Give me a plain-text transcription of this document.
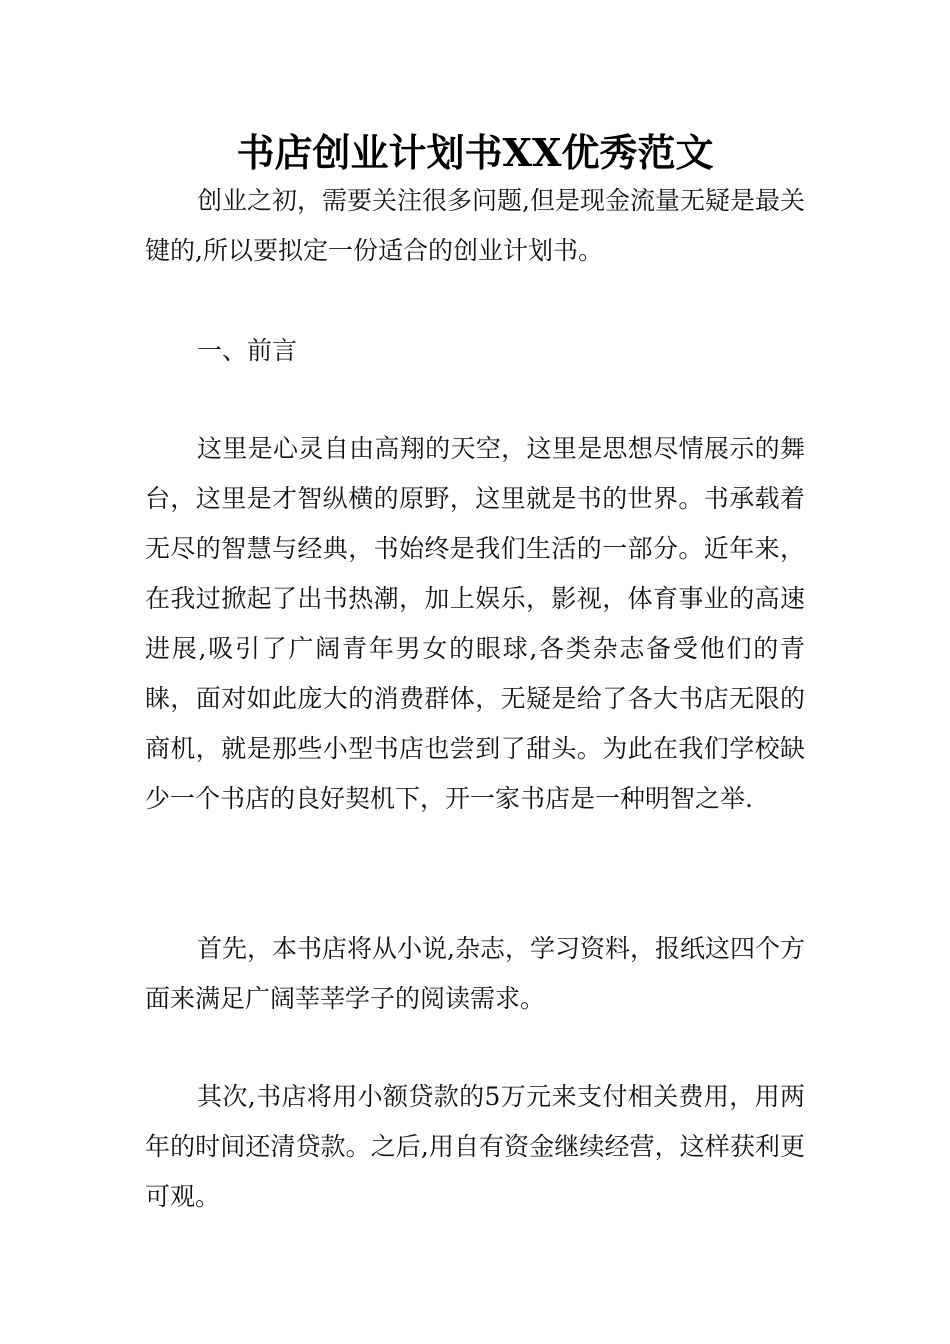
书店创业计划书XX优秀范文

创业之初，需要关注很多问题,但是现金流量无疑是最关键的,所以要拟定一份适合的创业计划书。

一、前言

这里是心灵自由高翔的天空，这里是思想尽情展示的舞台，这里是才智纵横的原野，这里就是书的世界。书承载着无尽的智慧与经典，书始终是我们生活的一部分。近年来，在我过掀起了出书热潮，加上娱乐，影视，体育事业的高速进展,吸引了广阔青年男女的眼球,各类杂志备受他们的青睐，面对如此庞大的消费群体，无疑是给了各大书店无限的商机，就是那些小型书店也尝到了甜头。为此在我们学校缺少一个书店的良好契机下，开一家书店是一种明智之举.

首先，本书店将从小说,杂志，学习资料，报纸这四个方面来满足广阔莘莘学子的阅读需求。

其次,书店将用小额贷款的5万元来支付相关费用，用两年的时间还清贷款。之后,用自有资金继续经营，这样获利更可观。
